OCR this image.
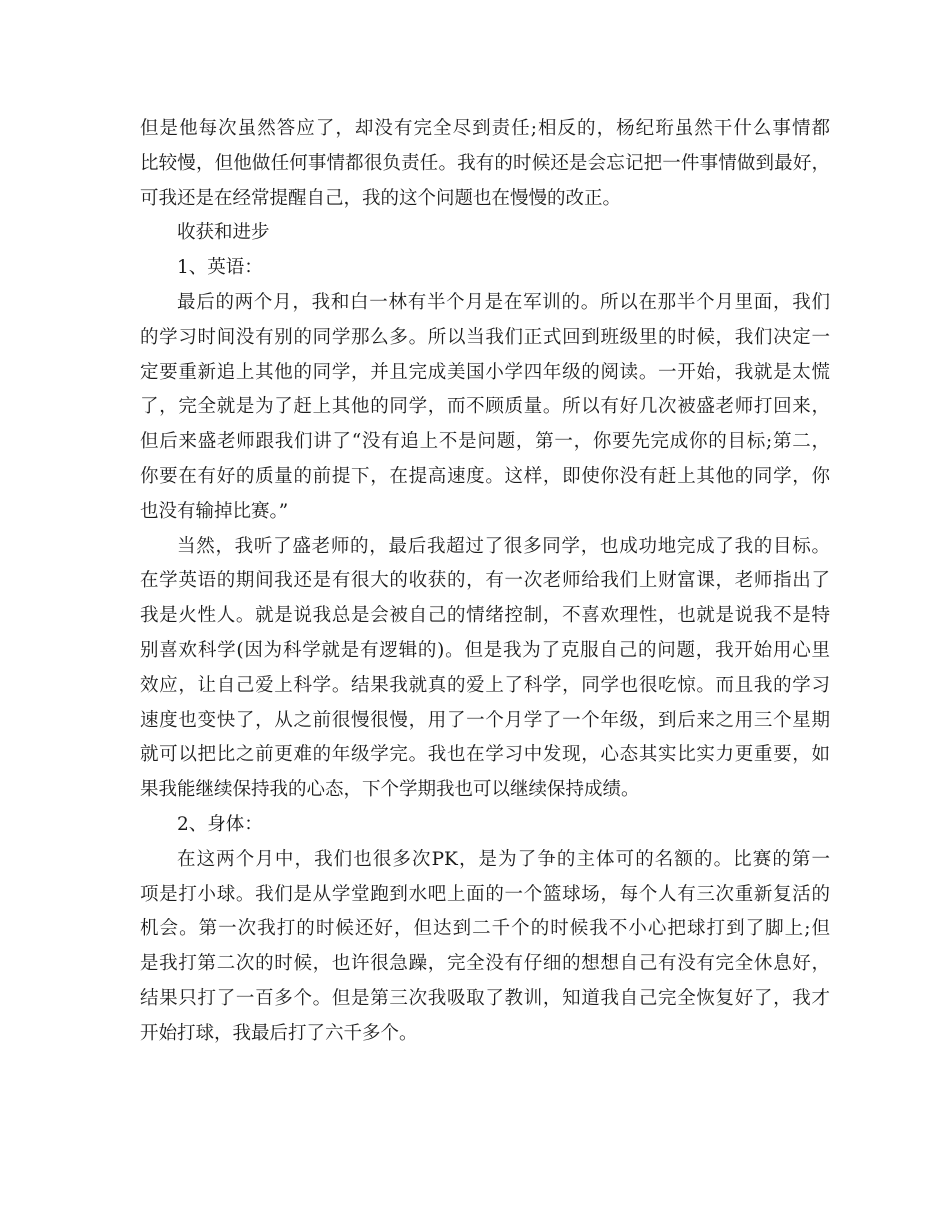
但是他每次虽然答应了，却没有完全尽到责任;相反的，杨纪珩虽然干什么事情都
比较慢，但他做任何事情都很负责任。我有的时候还是会忘记把一件事情做到最好，
可我还是在经常提醒自己，我的这个问题也在慢慢的改正。
收获和进步
1、英语：
最后的两个月，我和白一林有半个月是在军训的。所以在那半个月里面，我们
的学习时间没有别的同学那么多。所以当我们正式回到班级里的时候，我们决定一
定要重新追上其他的同学，并且完成美国小学四年级的阅读。一开始，我就是太慌
了，完全就是为了赶上其他的同学，而不顾质量。所以有好几次被盛老师打回来，
但后来盛老师跟我们讲了“没有追上不是问题，第一，你要先完成你的目标;第二，
你要在有好的质量的前提下，在提高速度。这样，即使你没有赶上其他的同学，你
也没有输掉比赛。”
当然，我听了盛老师的，最后我超过了很多同学，也成功地完成了我的目标。
在学英语的期间我还是有很大的收获的，有一次老师给我们上财富课，老师指出了
我是火性人。就是说我总是会被自己的情绪控制，不喜欢理性，也就是说我不是特
别喜欢科学(因为科学就是有逻辑的)。但是我为了克服自己的问题，我开始用心里
效应，让自己爱上科学。结果我就真的爱上了科学，同学也很吃惊。而且我的学习
速度也变快了，从之前很慢很慢，用了一个月学了一个年级，到后来之用三个星期
就可以把比之前更难的年级学完。我也在学习中发现，心态其实比实力更重要，如
果我能继续保持我的心态，下个学期我也可以继续保持成绩。
2、身体：
在这两个月中，我们也很多次PK，是为了争的主体可的名额的。比赛的第一
项是打小球。我们是从学堂跑到水吧上面的一个篮球场，每个人有三次重新复活的
机会。第一次我打的时候还好，但达到二千个的时候我不小心把球打到了脚上;但
是我打第二次的时候，也许很急躁，完全没有仔细的想想自己有没有完全休息好，
结果只打了一百多个。但是第三次我吸取了教训，知道我自己完全恢复好了，我才
开始打球，我最后打了六千多个。
